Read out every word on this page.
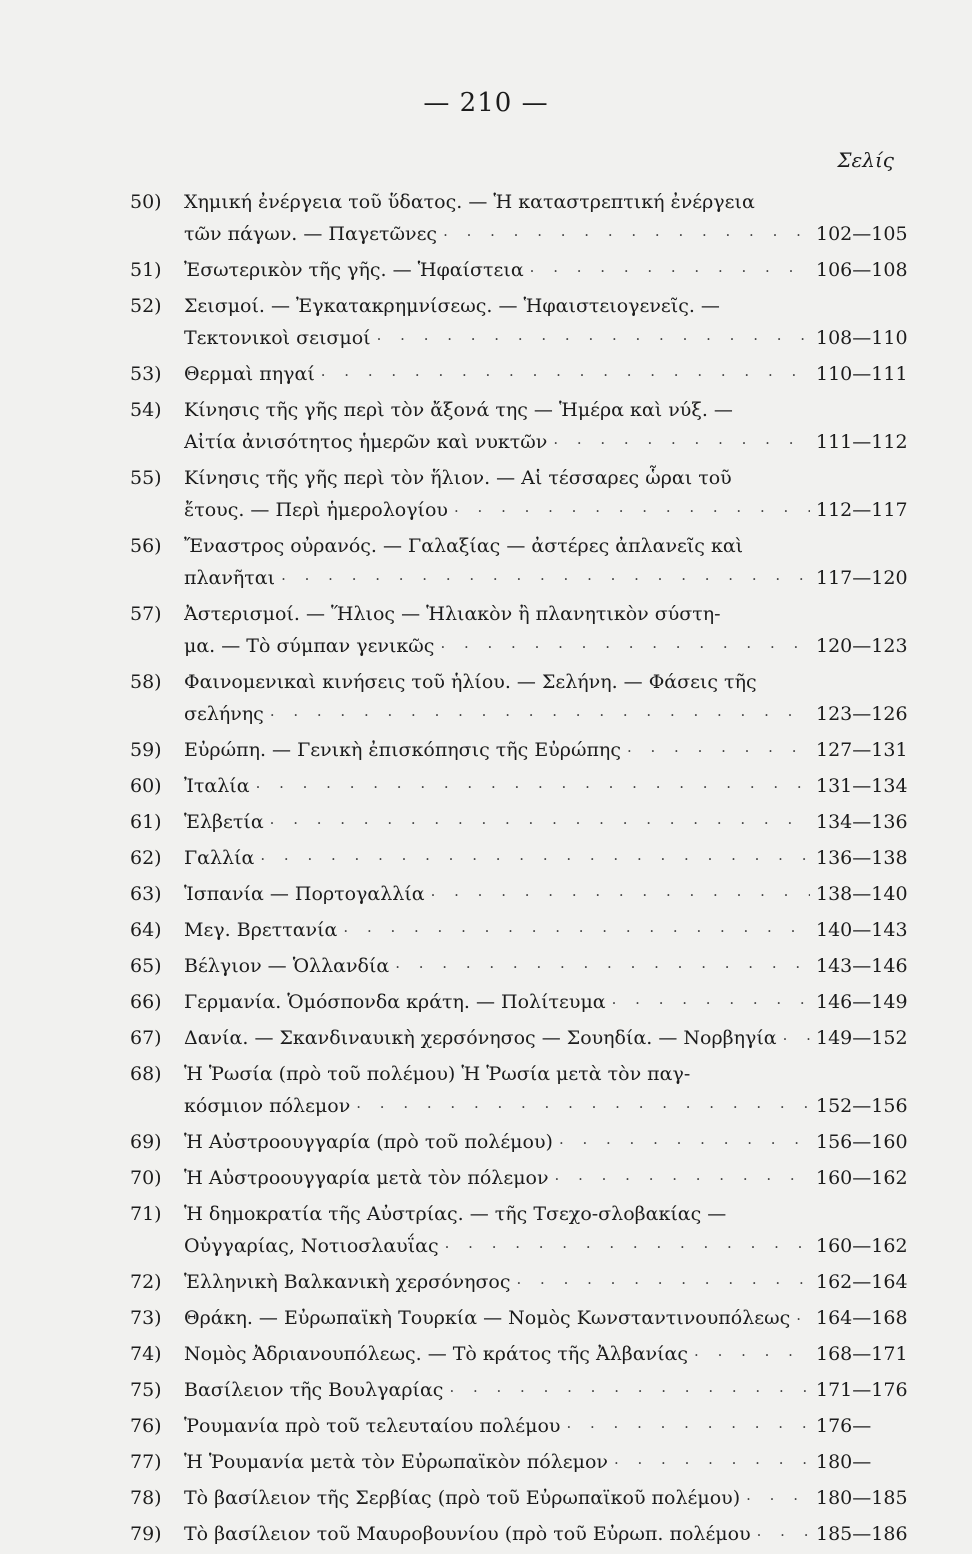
— 210 —
Σελίς
50)	Χημική ἐνέργεια τοῦ ὕδατος. — Ἡ καταστρεπτική ἐνέργεια
τῶν πάγων. — Παγετῶνες · · ·	102—105
51)	Ἐσωτερικὸν τῆς γῆς. — Ἡφαίστεια · · ·	106—108
52)	Σεισμοί. — Ἐγκατακρημνίσεως. — Ἡφαιστειογενεῖς. —
Τεκτονικοὶ σεισμοί · · ·	108—110
53)	Θερμαὶ πηγαί · · ·	110—111
54)	Κίνησις τῆς γῆς περὶ τὸν ἄξονά της — Ἡμέρα καὶ νύξ. —
Αἰτία ἀνισότητος ἡμερῶν καὶ νυκτῶν · · ·	111—112
55)	Κίνησις τῆς γῆς περὶ τὸν ἥλιον. — Αἱ τέσσαρες ὧραι τοῦ
ἔτους. — Περὶ ἡμερολογίου · · ·	112—117
56)	Ἔναστρος οὐρανός. — Γαλαξίας — ἀστέρες ἀπλανεῖς καὶ
πλανῆται · · ·	117—120
57)	Ἀστερισμοί. — Ἥλιος — Ἡλιακὸν ἢ πλανητικὸν σύστη-
μα. — Τὸ σύμπαν γενικῶς · · ·	120—123
58)	Φαινομενικαὶ κινήσεις τοῦ ἡλίου. — Σελήνη. — Φάσεις τῆς
σελήνης · · ·	123—126
59)	Εὐρώπη. — Γενικὴ ἐπισκόπησις τῆς Εὐρώπης · · ·	127—131
60)	Ἰταλία · · ·	131—134
61)	Ἑλβετία · · ·	134—136
62)	Γαλλία · · ·	136—138
63)	Ἱσπανία — Πορτογαλλία · · ·	138—140
64)	Μεγ. Βρεττανία · · ·	140—143
65)	Βέλγιον — Ὁλλανδία · · ·	143—146
66)	Γερμανία. Ὁμόσπονδα κράτη. — Πολίτευμα · · ·	146—149
67)	Δανία. — Σκανδιναυικὴ χερσόνησος — Σουηδία. — Νορβηγία · · · 149—152
68)	Ἡ Ῥωσία (πρὸ τοῦ πολέμου) Ἡ Ῥωσία μετὰ τὸν παγ-
κόσμιον πόλεμον · · ·	152—156
69)	Ἡ Αὐστροουγγαρία (πρὸ τοῦ πολέμου) · · ·	156—160
70)	Ἡ Αὐστροουγγαρία μετὰ τὸν πόλεμον · · ·	160—162
71)	Ἡ δημοκρατία τῆς Αὐστρίας. — τῆς Τσεχο-σλοβακίας —
Οὐγγαρίας, Νοτιοσλαυΐας · · ·	160—162
72)	Ἑλληνικὴ Βαλκανικὴ χερσόνησος · · ·	162—164
73)	Θράκη. — Εὐρωπαϊκὴ Τουρκία — Νομὸς Κωνσταντινουπόλεως · · · 164—168
74)	Νομὸς Ἀδριανουπόλεως. — Τὸ κράτος τῆς Ἀλβανίας · · ·	168—171
75)	Βασίλειον τῆς Βουλγαρίας · · ·	171—176
76)	Ῥουμανία πρὸ τοῦ τελευταίου πολέμου · · ·	176—
77)	Ἡ Ῥουμανία μετὰ τὸν Εὐρωπαϊκὸν πόλεμον · · ·	180—
78)	Τὸ βασίλειον τῆς Σερβίας (πρὸ τοῦ Εὐρωπαϊκοῦ πολέμου) · · ·	180—185
79)	Τὸ βασίλειον τοῦ Μαυροβουνίου (πρὸ τοῦ Εὐρωπ. πολέμου · · ·	185—186
